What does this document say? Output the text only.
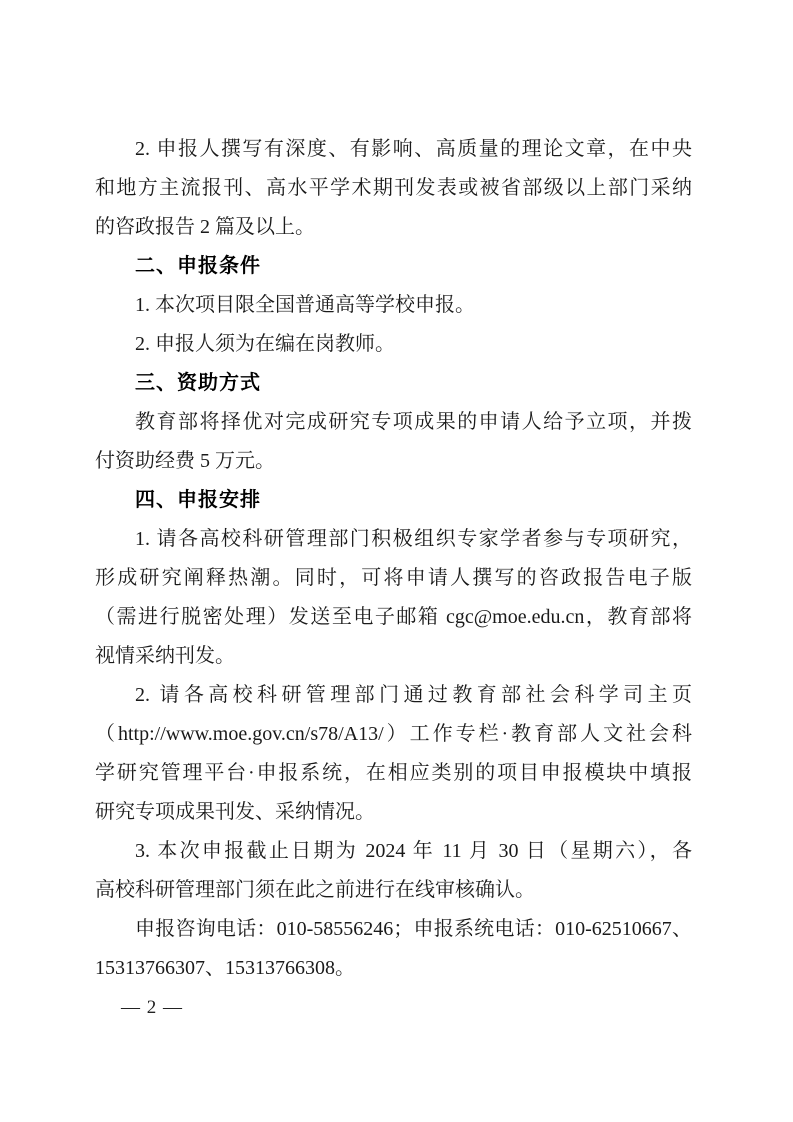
2. 申报人撰写有深度、有影响、高质量的理论文章，在中央
和地方主流报刊、高水平学术期刊发表或被省部级以上部门采纳
的咨政报告 2 篇及以上。
二、申报条件
1. 本次项目限全国普通高等学校申报。
2. 申报人须为在编在岗教师。
三、资助方式
教育部将择优对完成研究专项成果的申请人给予立项，并拨
付资助经费 5 万元。
四、申报安排
1. 请各高校科研管理部门积极组织专家学者参与专项研究，
形成研究阐释热潮。同时，可将申请人撰写的咨政报告电子版
（需进行脱密处理）发送至电子邮箱 cgc@moe.edu.cn，教育部将
视情采纳刊发。
2. 请各高校科研管理部门通过教育部社会科学司主页
（http://www.moe.gov.cn/s78/A13/）工作专栏·教育部人文社会科
学研究管理平台·申报系统，在相应类别的项目申报模块中填报
研究专项成果刊发、采纳情况。
3. 本次申报截止日期为 2024 年 11 月 30 日（星期六），各
高校科研管理部门须在此之前进行在线审核确认。
申报咨询电话：010-58556246；申报系统电话：010-62510667、
15313766307、15313766308。
— 2 —
